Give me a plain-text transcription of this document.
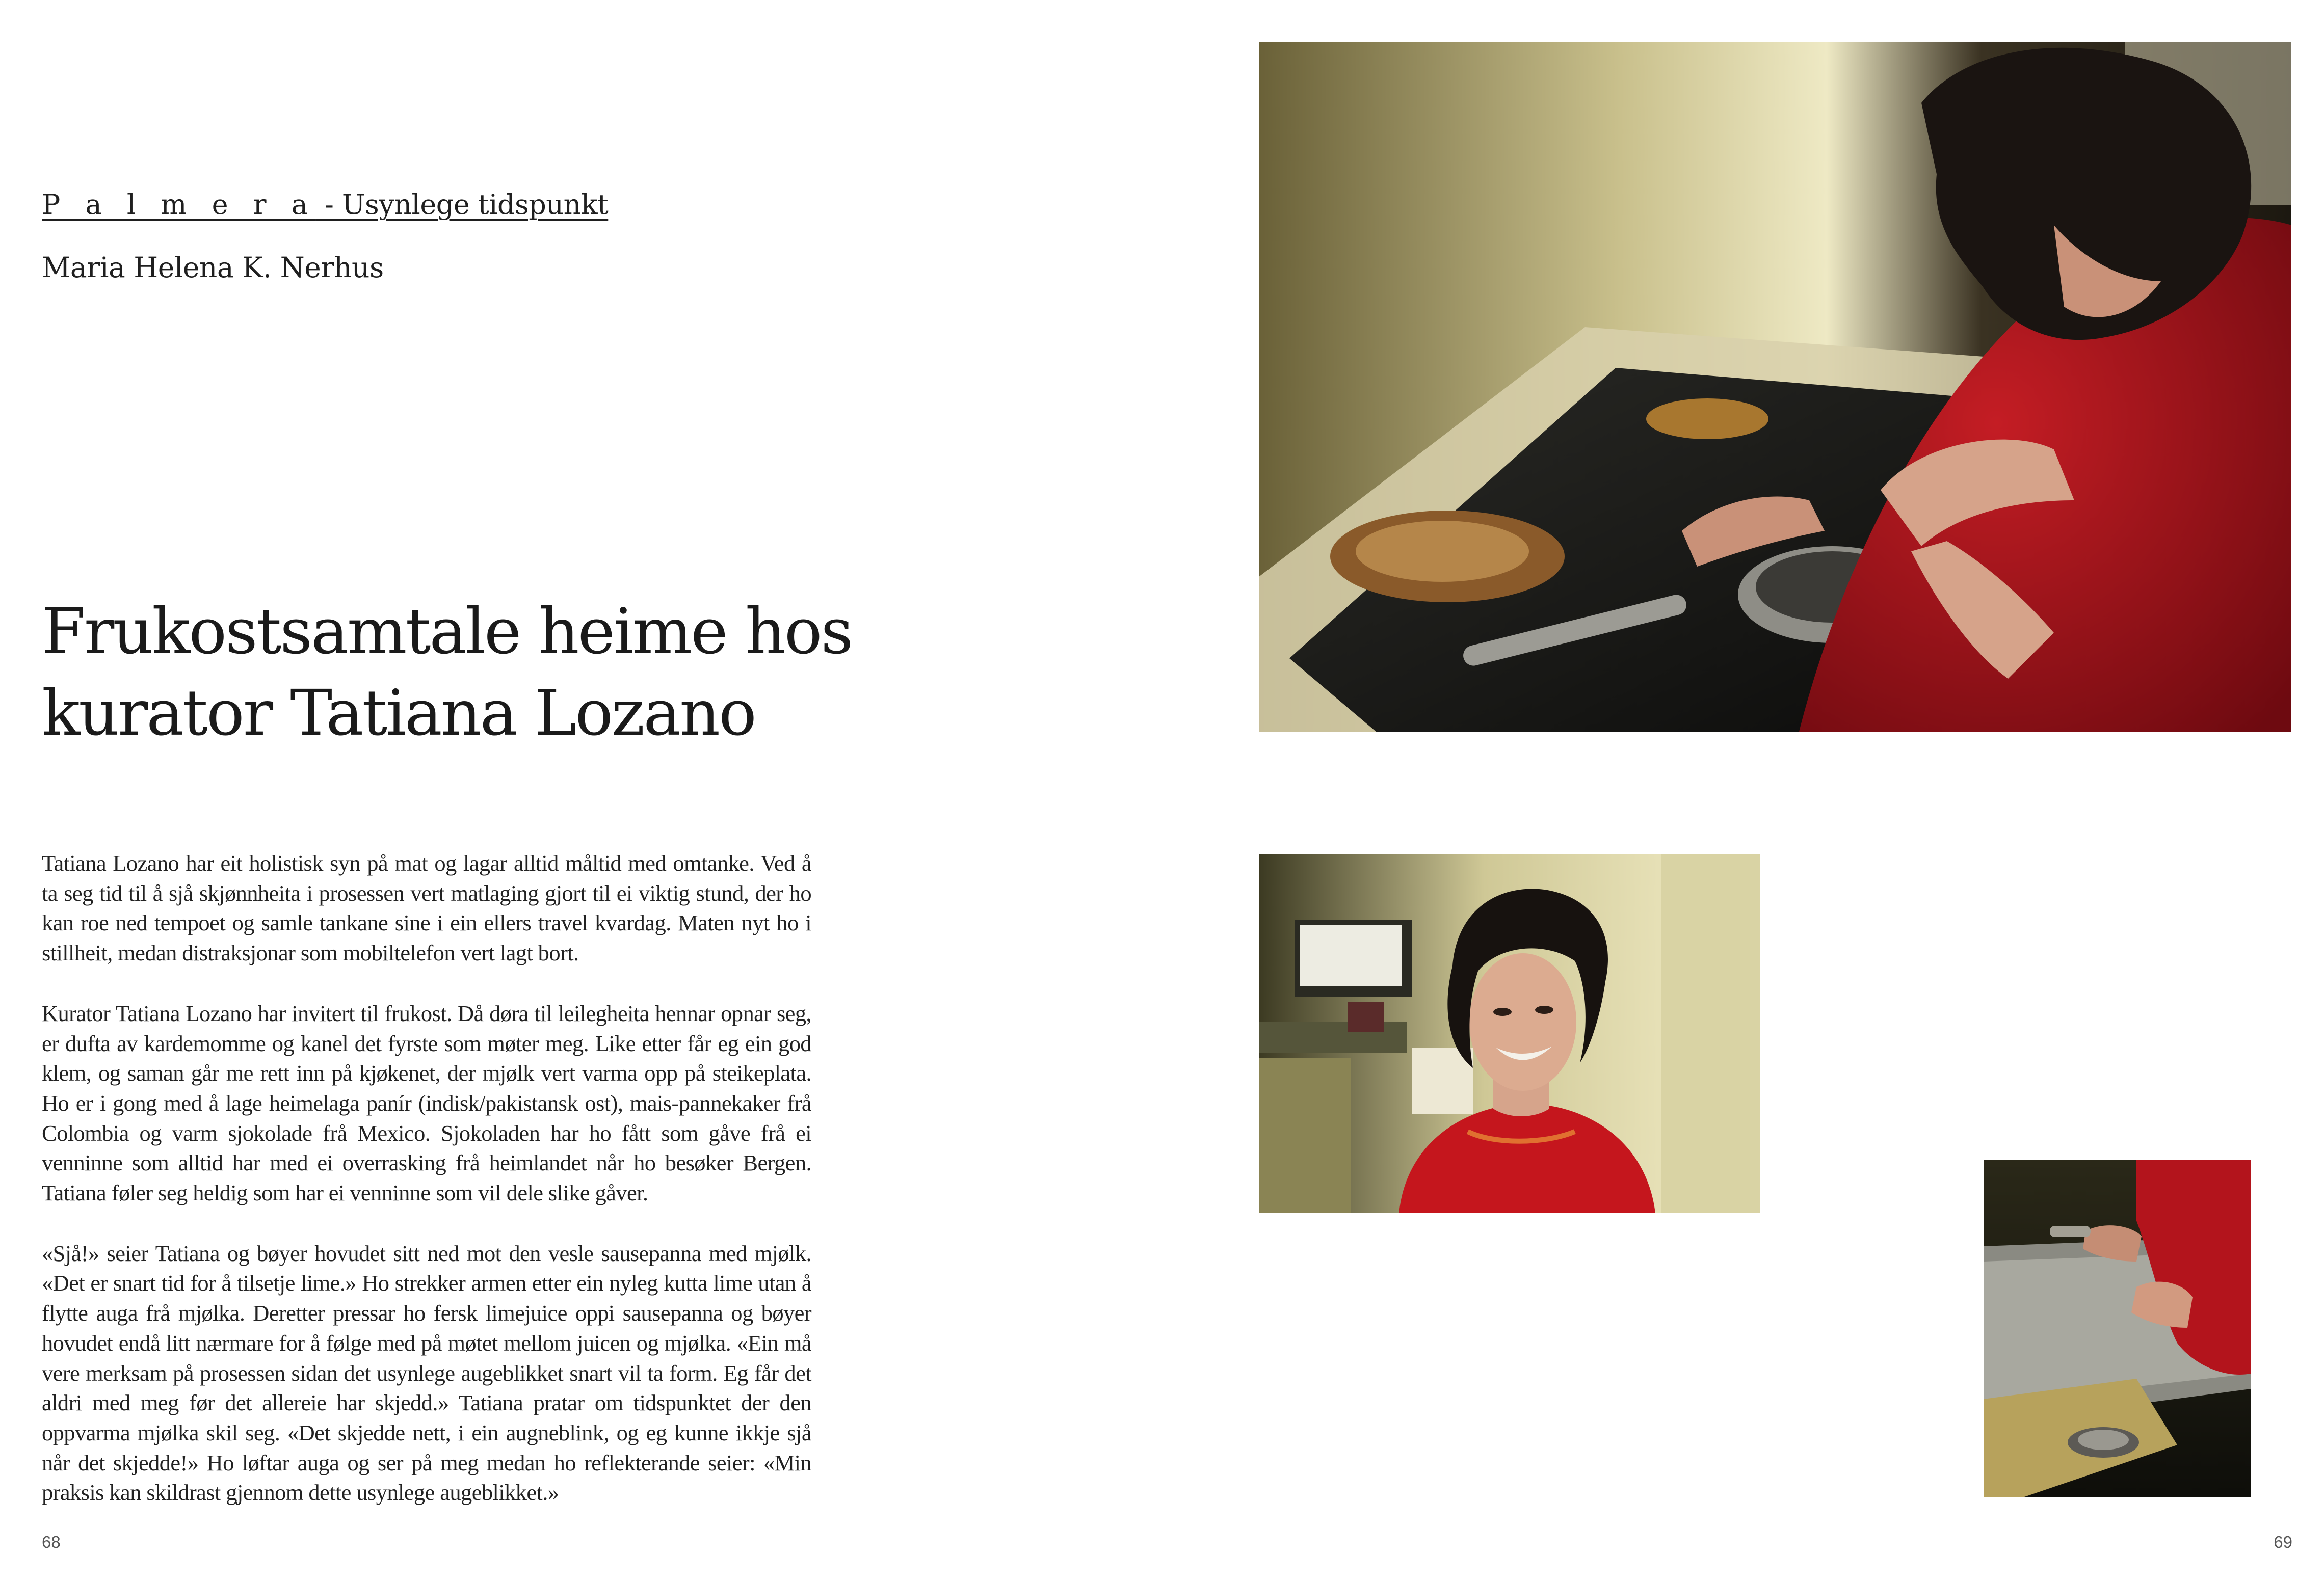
P a l m e r a - Usynlege tidspunkt
Maria Helena K. Nerhus
Frukostsamtale heime hos
kurator Tatiana Lozano

Tatiana Lozano har eit holistisk syn på mat og lagar alltid måltid med omtanke. Ved å ta seg tid til å sjå skjønnheita i prosessen vert matlaging gjort til ei viktig stund, der ho kan roe ned tempoet og samle tankane sine i ein ellers travel kvardag. Maten nyt ho i stillheit, medan distraksjonar som mobiltelefon vert lagt bort.

Kurator Tatiana Lozano har invitert til frukost. Då døra til leilegheita hennar opnar seg, er dufta av kardemomme og kanel det fyrste som møter meg. Like etter får eg ein god klem, og saman går me rett inn på kjøkenet, der mjølk vert varma opp på steikeplata. Ho er i gong med å lage heimelaga panír (indisk/pakistansk ost), mais-pannekaker frå Colombia og varm sjokolade frå Mexico. Sjokoladen har ho fått som gåve frå ei venninne som alltid har med ei overrasking frå heimlandet når ho besøker Bergen. Tatiana føler seg heldig som har ei venninne som vil dele slike gåver.

«Sjå!» seier Tatiana og bøyer hovudet sitt ned mot den vesle sausepanna med mjølk. «Det er snart tid for å tilsetje lime.» Ho strekker armen etter ein nyleg kutta lime utan å flytte auga frå mjølka. Deretter pressar ho fersk limejuice oppi sausepanna og bøyer hovudet endå litt nærmare for å følge med på møtet mellom juicen og mjølka. «Ein må vere merksam på prosessen sidan det usynlege augeblikket snart vil ta form. Eg får det aldri med meg før det allereie har skjedd.» Tatiana pratar om tidspunktet der den oppvarma mjølka skil seg. «Det skjedde nett, i ein augneblink, og eg kunne ikkje sjå når det skjedde!» Ho løftar auga og ser på meg medan ho reflekterande seier: «Min praksis kan skildrast gjennom dette usynlege augeblikket.»

68	69
